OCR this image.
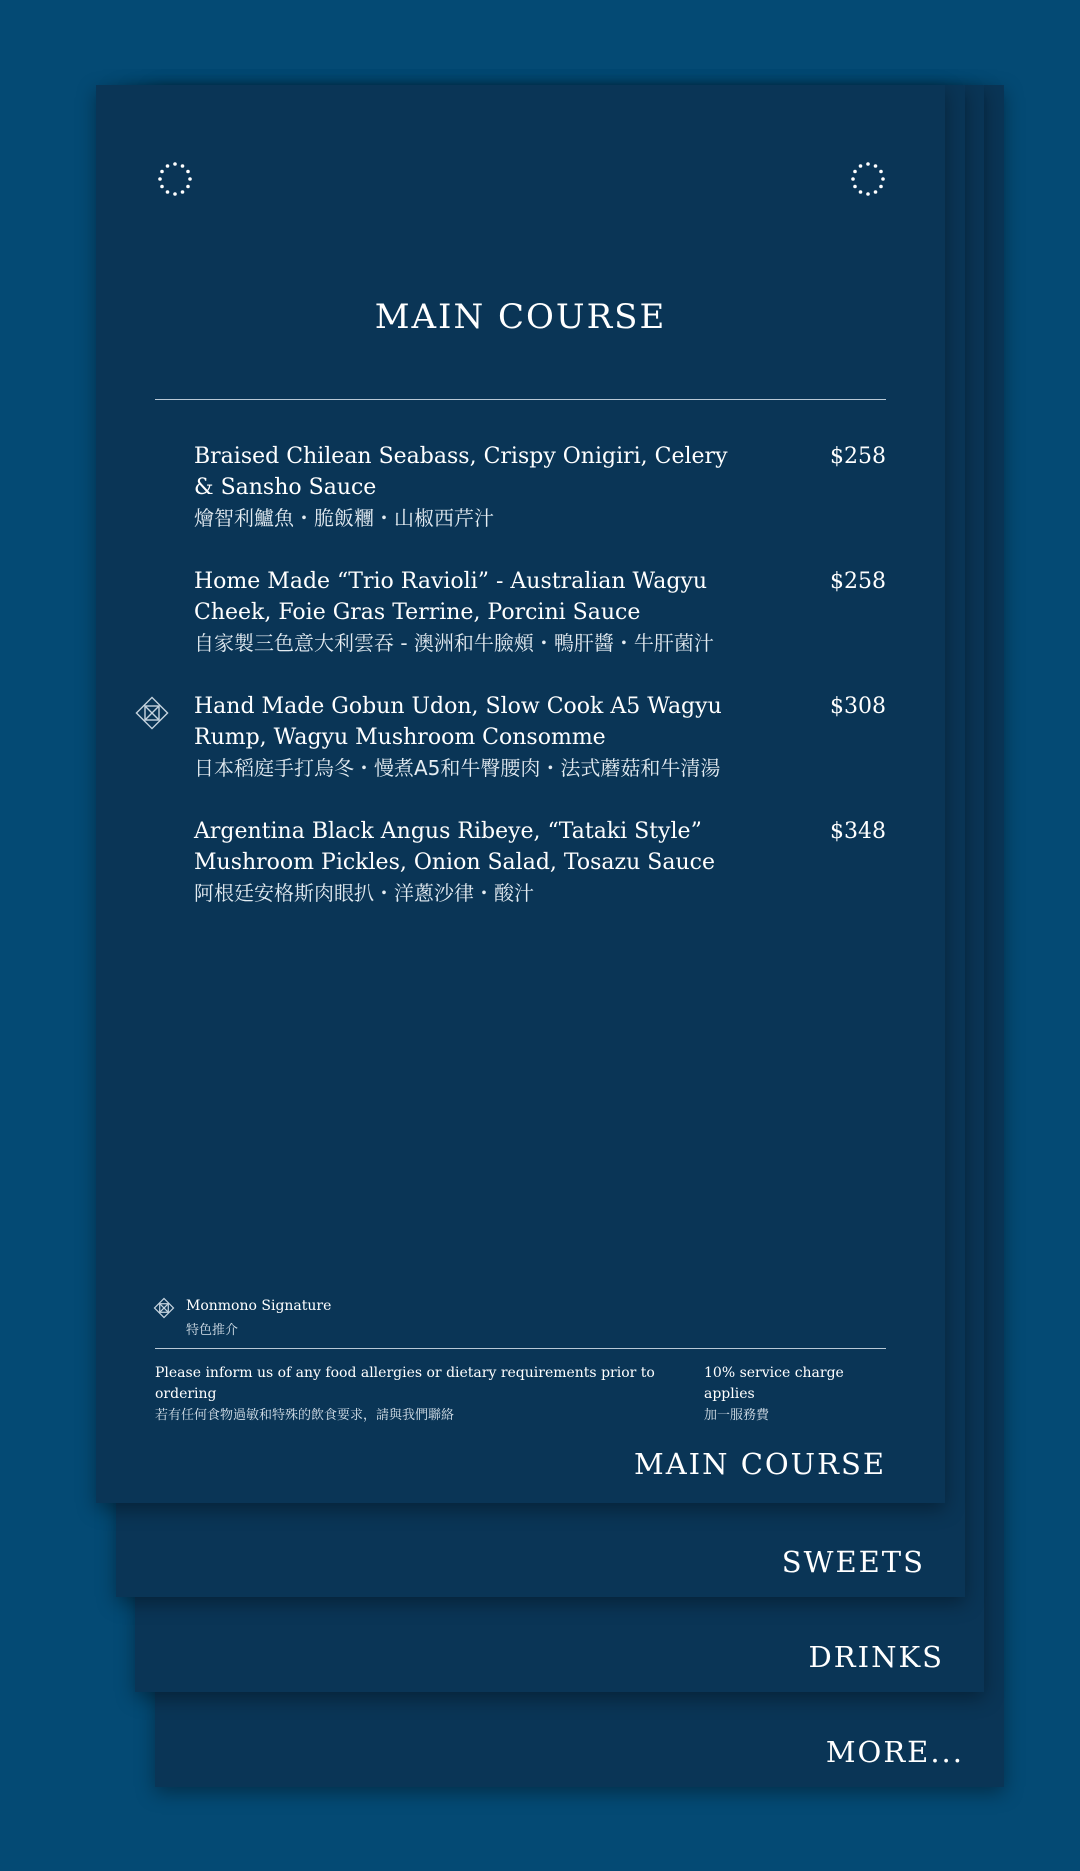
MORE...
DRINKS
SWEETS
MAIN COURSE
Braised Chilean Seabass, Crispy Onigiri, Celery & Sansho Sauce
燴智利鱸魚・脆飯糰・山椒西芹汁
$258
Home Made “Trio Ravioli” - Australian Wagyu Cheek, Foie Gras Terrine, Porcini Sauce
自家製三色意大利雲吞 - 澳洲和牛臉頰・鴨肝醬・牛肝菌汁
$258
Hand Made Gobun Udon, Slow Cook A5 Wagyu Rump, Wagyu Mushroom Consomme
日本稻庭手打烏冬・慢煮A5和牛臀腰肉・法式蘑菇和牛清湯
$308
Argentina Black Angus Ribeye, “Tataki Style” Mushroom Pickles, Onion Salad, Tosazu Sauce
阿根廷安格斯肉眼扒・洋蔥沙律・酸汁
$348
Monmono Signature
特色推介
Please inform us of any food allergies or dietary requirements prior to ordering
若有任何食物過敏和特殊的飲食要求，請與我們聯絡
10% service charge applies
加一服務費
MAIN COURSE
